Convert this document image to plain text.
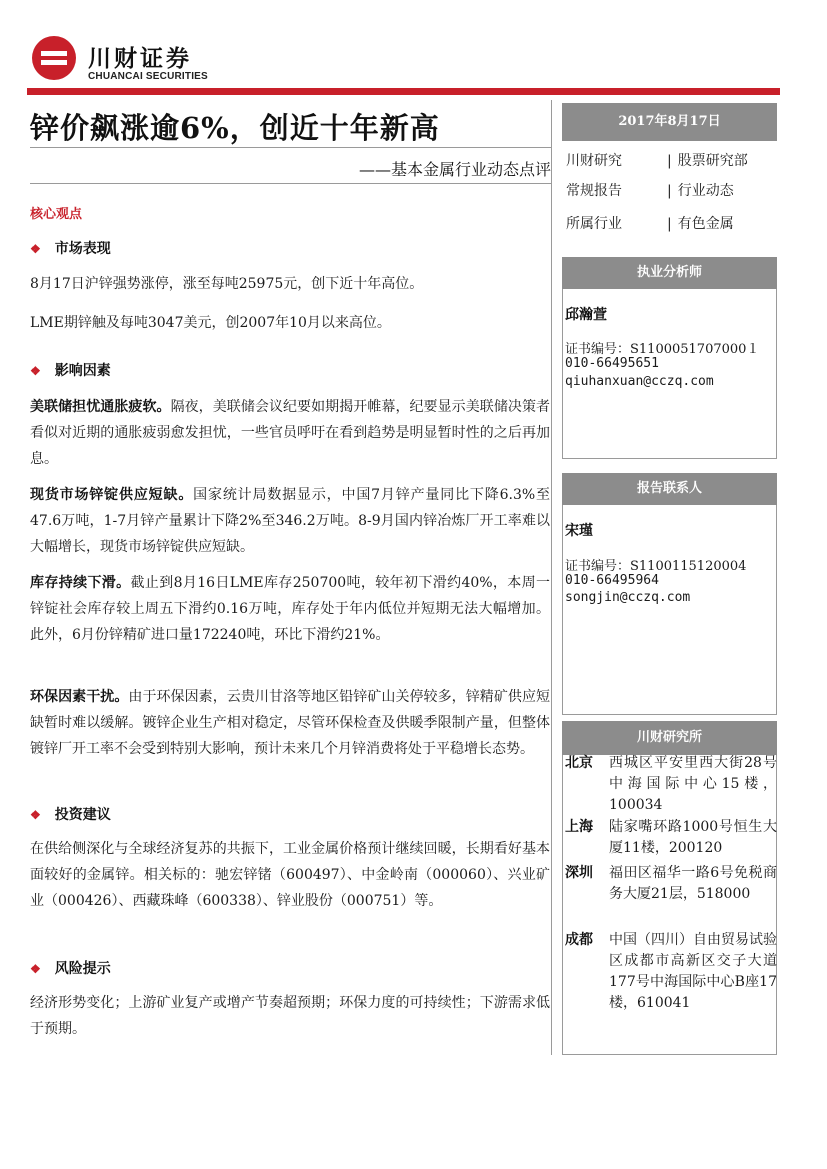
川财证券
CHUANCAI SECURITIES
锌价飙涨逾6%，创近十年新高
——基本金属行业动态点评
核心观点
❖ 市场表现
8月17日沪锌强势涨停，涨至每吨25975元，创下近十年高位。
LME期锌触及每吨3047美元，创2007年10月以来高位。
❖ 影响因素
美联储担忧通胀疲软。隔夜，美联储会议纪要如期揭开帷幕，纪要显示美联储决策者看似对近期的通胀疲弱愈发担忧，一些官员呼吁在看到趋势是明显暂时性的之后再加息。
现货市场锌锭供应短缺。国家统计局数据显示，中国7月锌产量同比下降6.3%至47.6万吨，1-7月锌产量累计下降2%至346.2万吨。8-9月国内锌冶炼厂开工率难以大幅增长，现货市场锌锭供应短缺。
库存持续下滑。截止到8月16日LME库存250700吨，较年初下滑约40%，本周一锌锭社会库存较上周五下滑约0.16万吨，库存处于年内低位并短期无法大幅增加。此外，6月份锌精矿进口量172240吨，环比下滑约21%。
环保因素干扰。由于环保因素，云贵川甘洛等地区铅锌矿山关停较多，锌精矿供应短缺暂时难以缓解。镀锌企业生产相对稳定，尽管环保检查及供暖季限制产量，但整体镀锌厂开工率不会受到特别大影响，预计未来几个月锌消费将处于平稳增长态势。
❖ 投资建议
在供给侧深化与全球经济复苏的共振下，工业金属价格预计继续回暖，长期看好基本面较好的金属锌。相关标的：驰宏锌锗（600497）、中金岭南（000060）、兴业矿业（000426）、西藏珠峰（600338）、锌业股份（000751）等。
❖ 风险提示
经济形势变化；上游矿业复产或增产节奏超预期；环保力度的可持续性；下游需求低于预期。
2017年8月17日
川财研究	| 股票研究部
常规报告	| 行业动态
所属行业	| 有色金属
执业分析师
邱瀚萱
证书编号：S1100051707000１
010-66495651
qiuhanxuan@cczq.com
报告联系人
宋瑾
证书编号：S1100115120004
010-66495964
songjin@cczq.com
川财研究所
北京 西城区平安里西大街28号中海国际中心15楼，100034
上海 陆家嘴环路1000号恒生大厦11楼，200120
深圳 福田区福华一路6号免税商务大厦21层，518000
成都 中国（四川）自由贸易试验区成都市高新区交子大道177号中海国际中心B座17楼，610041
